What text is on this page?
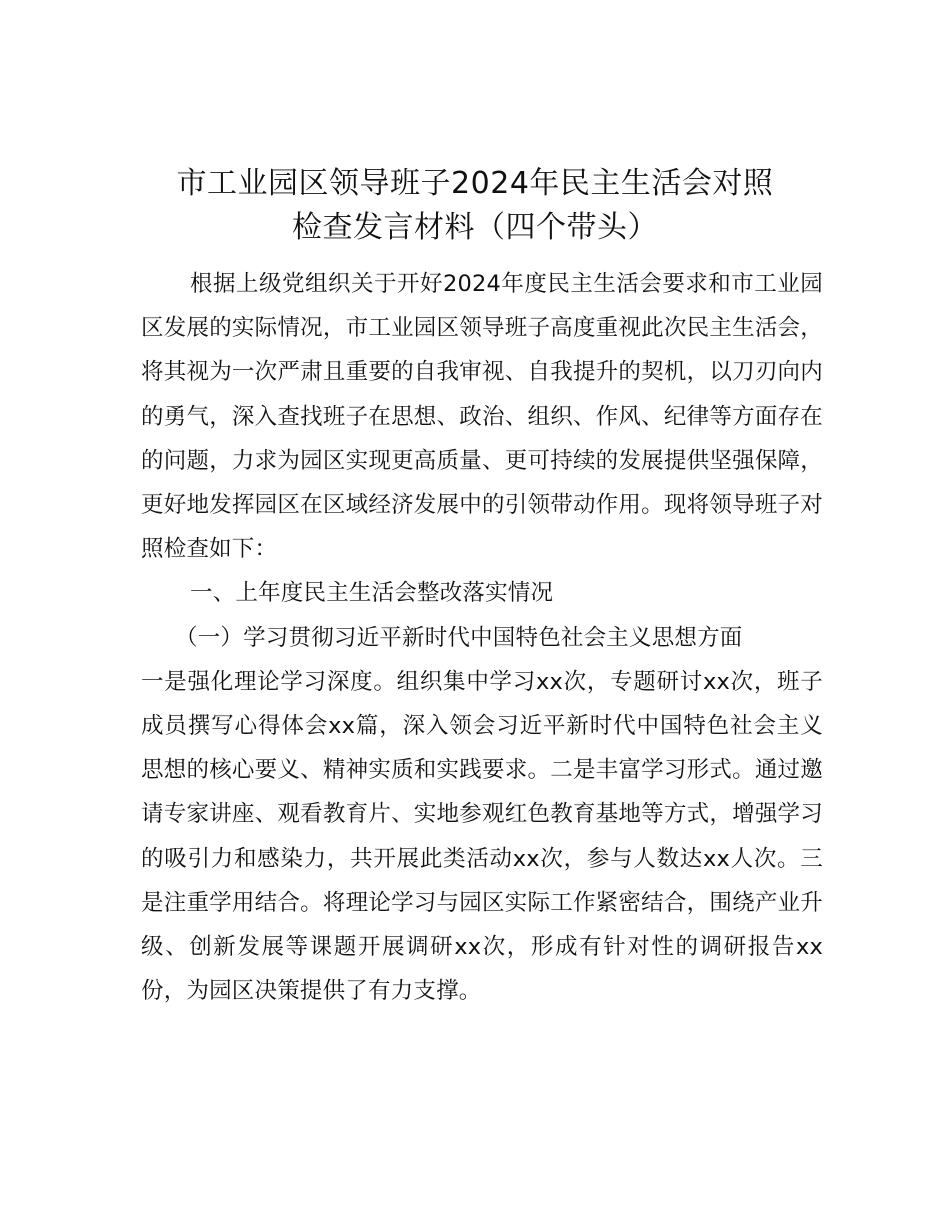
市工业园区领导班子2024年民主生活会对照
检查发言材料（四个带头）

根据上级党组织关于开好2024年度民主生活会要求和市工业园区发展的实际情况，市工业园区领导班子高度重视此次民主生活会，将其视为一次严肃且重要的自我审视、自我提升的契机，以刀刃向内的勇气，深入查找班子在思想、政治、组织、作风、纪律等方面存在的问题，力求为园区实现更高质量、更可持续的发展提供坚强保障，更好地发挥园区在区域经济发展中的引领带动作用。现将领导班子对照检查如下：

一、上年度民主生活会整改落实情况

（一）学习贯彻习近平新时代中国特色社会主义思想方面

一是强化理论学习深度。组织集中学习xx次，专题研讨xx次，班子成员撰写心得体会xx篇，深入领会习近平新时代中国特色社会主义思想的核心要义、精神实质和实践要求。二是丰富学习形式。通过邀请专家讲座、观看教育片、实地参观红色教育基地等方式，增强学习的吸引力和感染力，共开展此类活动xx次，参与人数达xx人次。三是注重学用结合。将理论学习与园区实际工作紧密结合，围绕产业升级、创新发展等课题开展调研xx次，形成有针对性的调研报告xx份，为园区决策提供了有力支撑。
